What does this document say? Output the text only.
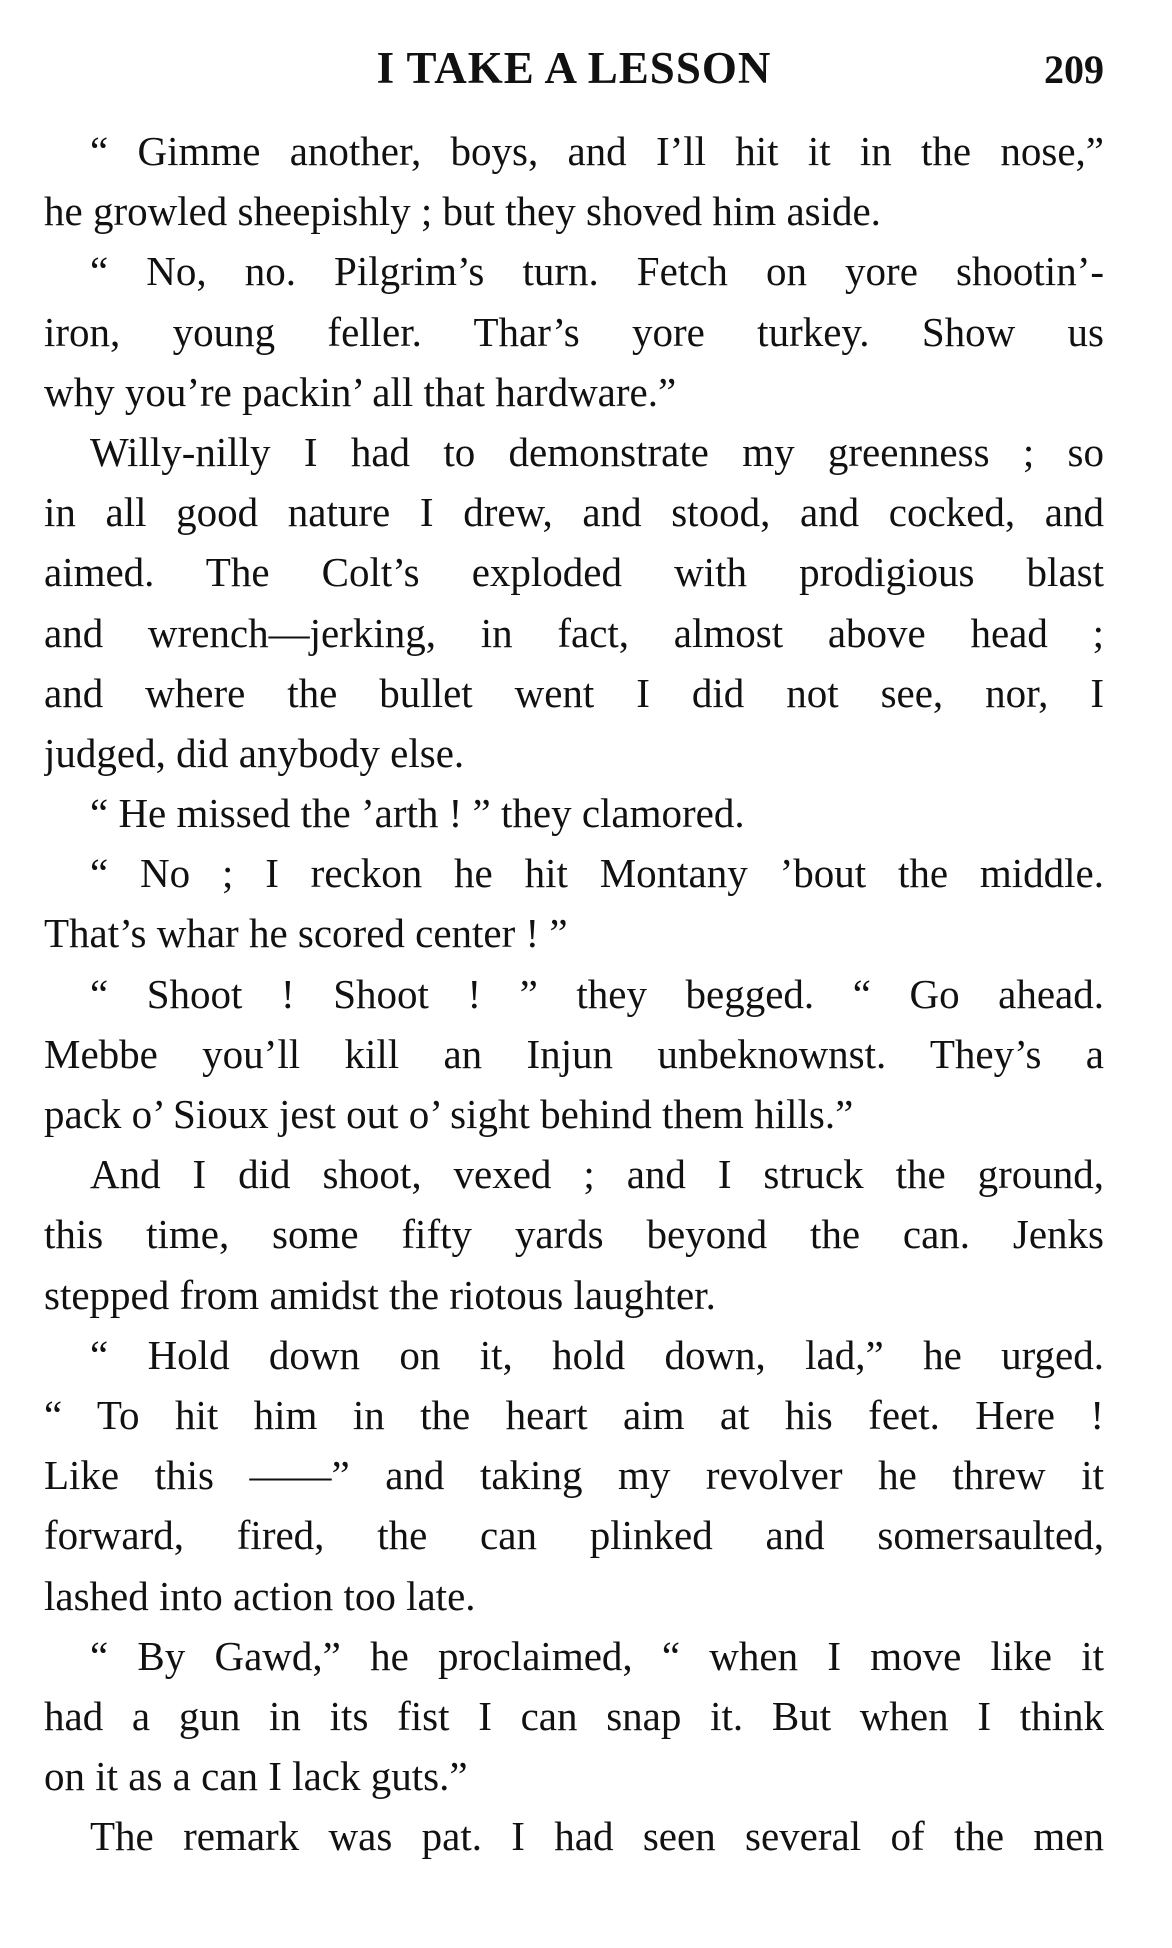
I TAKE A LESSON	209
“ Gimme another, boys, and I’ll hit it in the nose,”
he growled sheepishly ; but they shoved him aside.
“ No, no. Pilgrim’s turn. Fetch on yore shootin’-
iron, young feller. Thar’s yore turkey. Show us
why you’re packin’ all that hardware.”
Willy-nilly I had to demonstrate my greenness ; so
in all good nature I drew, and stood, and cocked, and
aimed. The Colt’s exploded with prodigious blast
and wrench—jerking, in fact, almost above head ;
and where the bullet went I did not see, nor, I
judged, did anybody else.
“ He missed the ’arth ! ” they clamored.
“ No ; I reckon he hit Montany ’bout the middle.
That’s whar he scored center ! ”
“ Shoot ! Shoot ! ” they begged. “ Go ahead.
Mebbe you’ll kill an Injun unbeknownst. They’s a
pack o’ Sioux jest out o’ sight behind them hills.”
And I did shoot, vexed ; and I struck the ground,
this time, some fifty yards beyond the can. Jenks
stepped from amidst the riotous laughter.
“ Hold down on it, hold down, lad,” he urged.
“ To hit him in the heart aim at his feet. Here !
Like this ——” and taking my revolver he threw it
forward, fired, the can plinked and somersaulted,
lashed into action too late.
“ By Gawd,” he proclaimed, “ when I move like it
had a gun in its fist I can snap it. But when I think
on it as a can I lack guts.”
The remark was pat. I had seen several of the men
